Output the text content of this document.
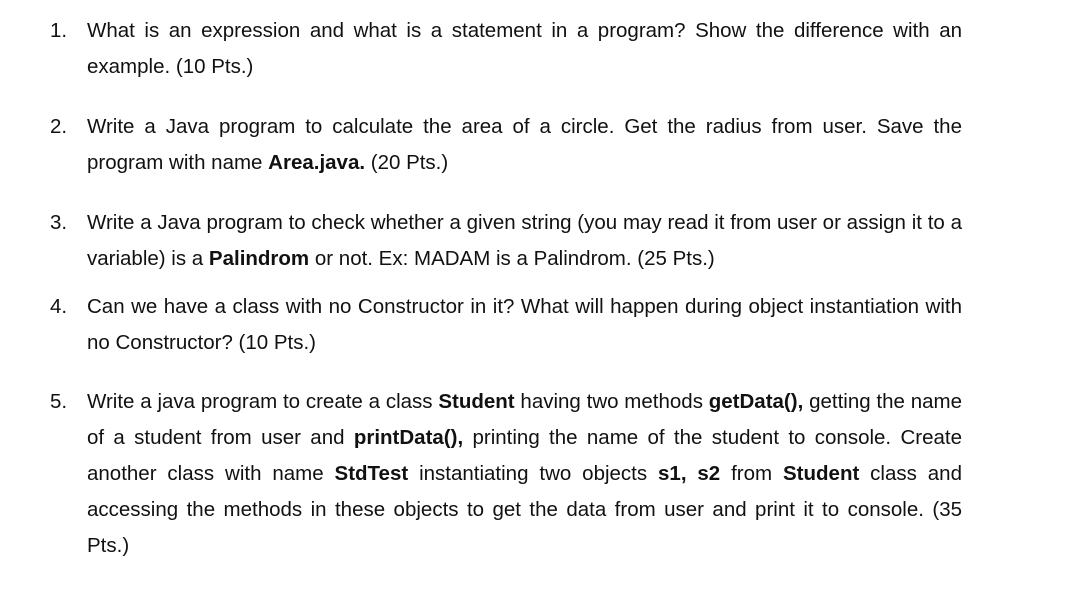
1. What is an expression and what is a statement in a program? Show the difference with an example. (10 Pts.)
2. Write a Java program to calculate the area of a circle. Get the radius from user. Save the program with name Area.java. (20 Pts.)
3. Write a Java program to check whether a given string (you may read it from user or assign it to a variable) is a Palindrom or not. Ex: MADAM is a Palindrom. (25 Pts.)
4. Can we have a class with no Constructor in it? What will happen during object instantiation with no Constructor? (10 Pts.)
5. Write a java program to create a class Student having two methods getData(), getting the name of a student from user and printData(), printing the name of the student to console. Create another class with name StdTest instantiating two objects s1, s2 from Student class and accessing the methods in these objects to get the data from user and print it to console. (35 Pts.)
